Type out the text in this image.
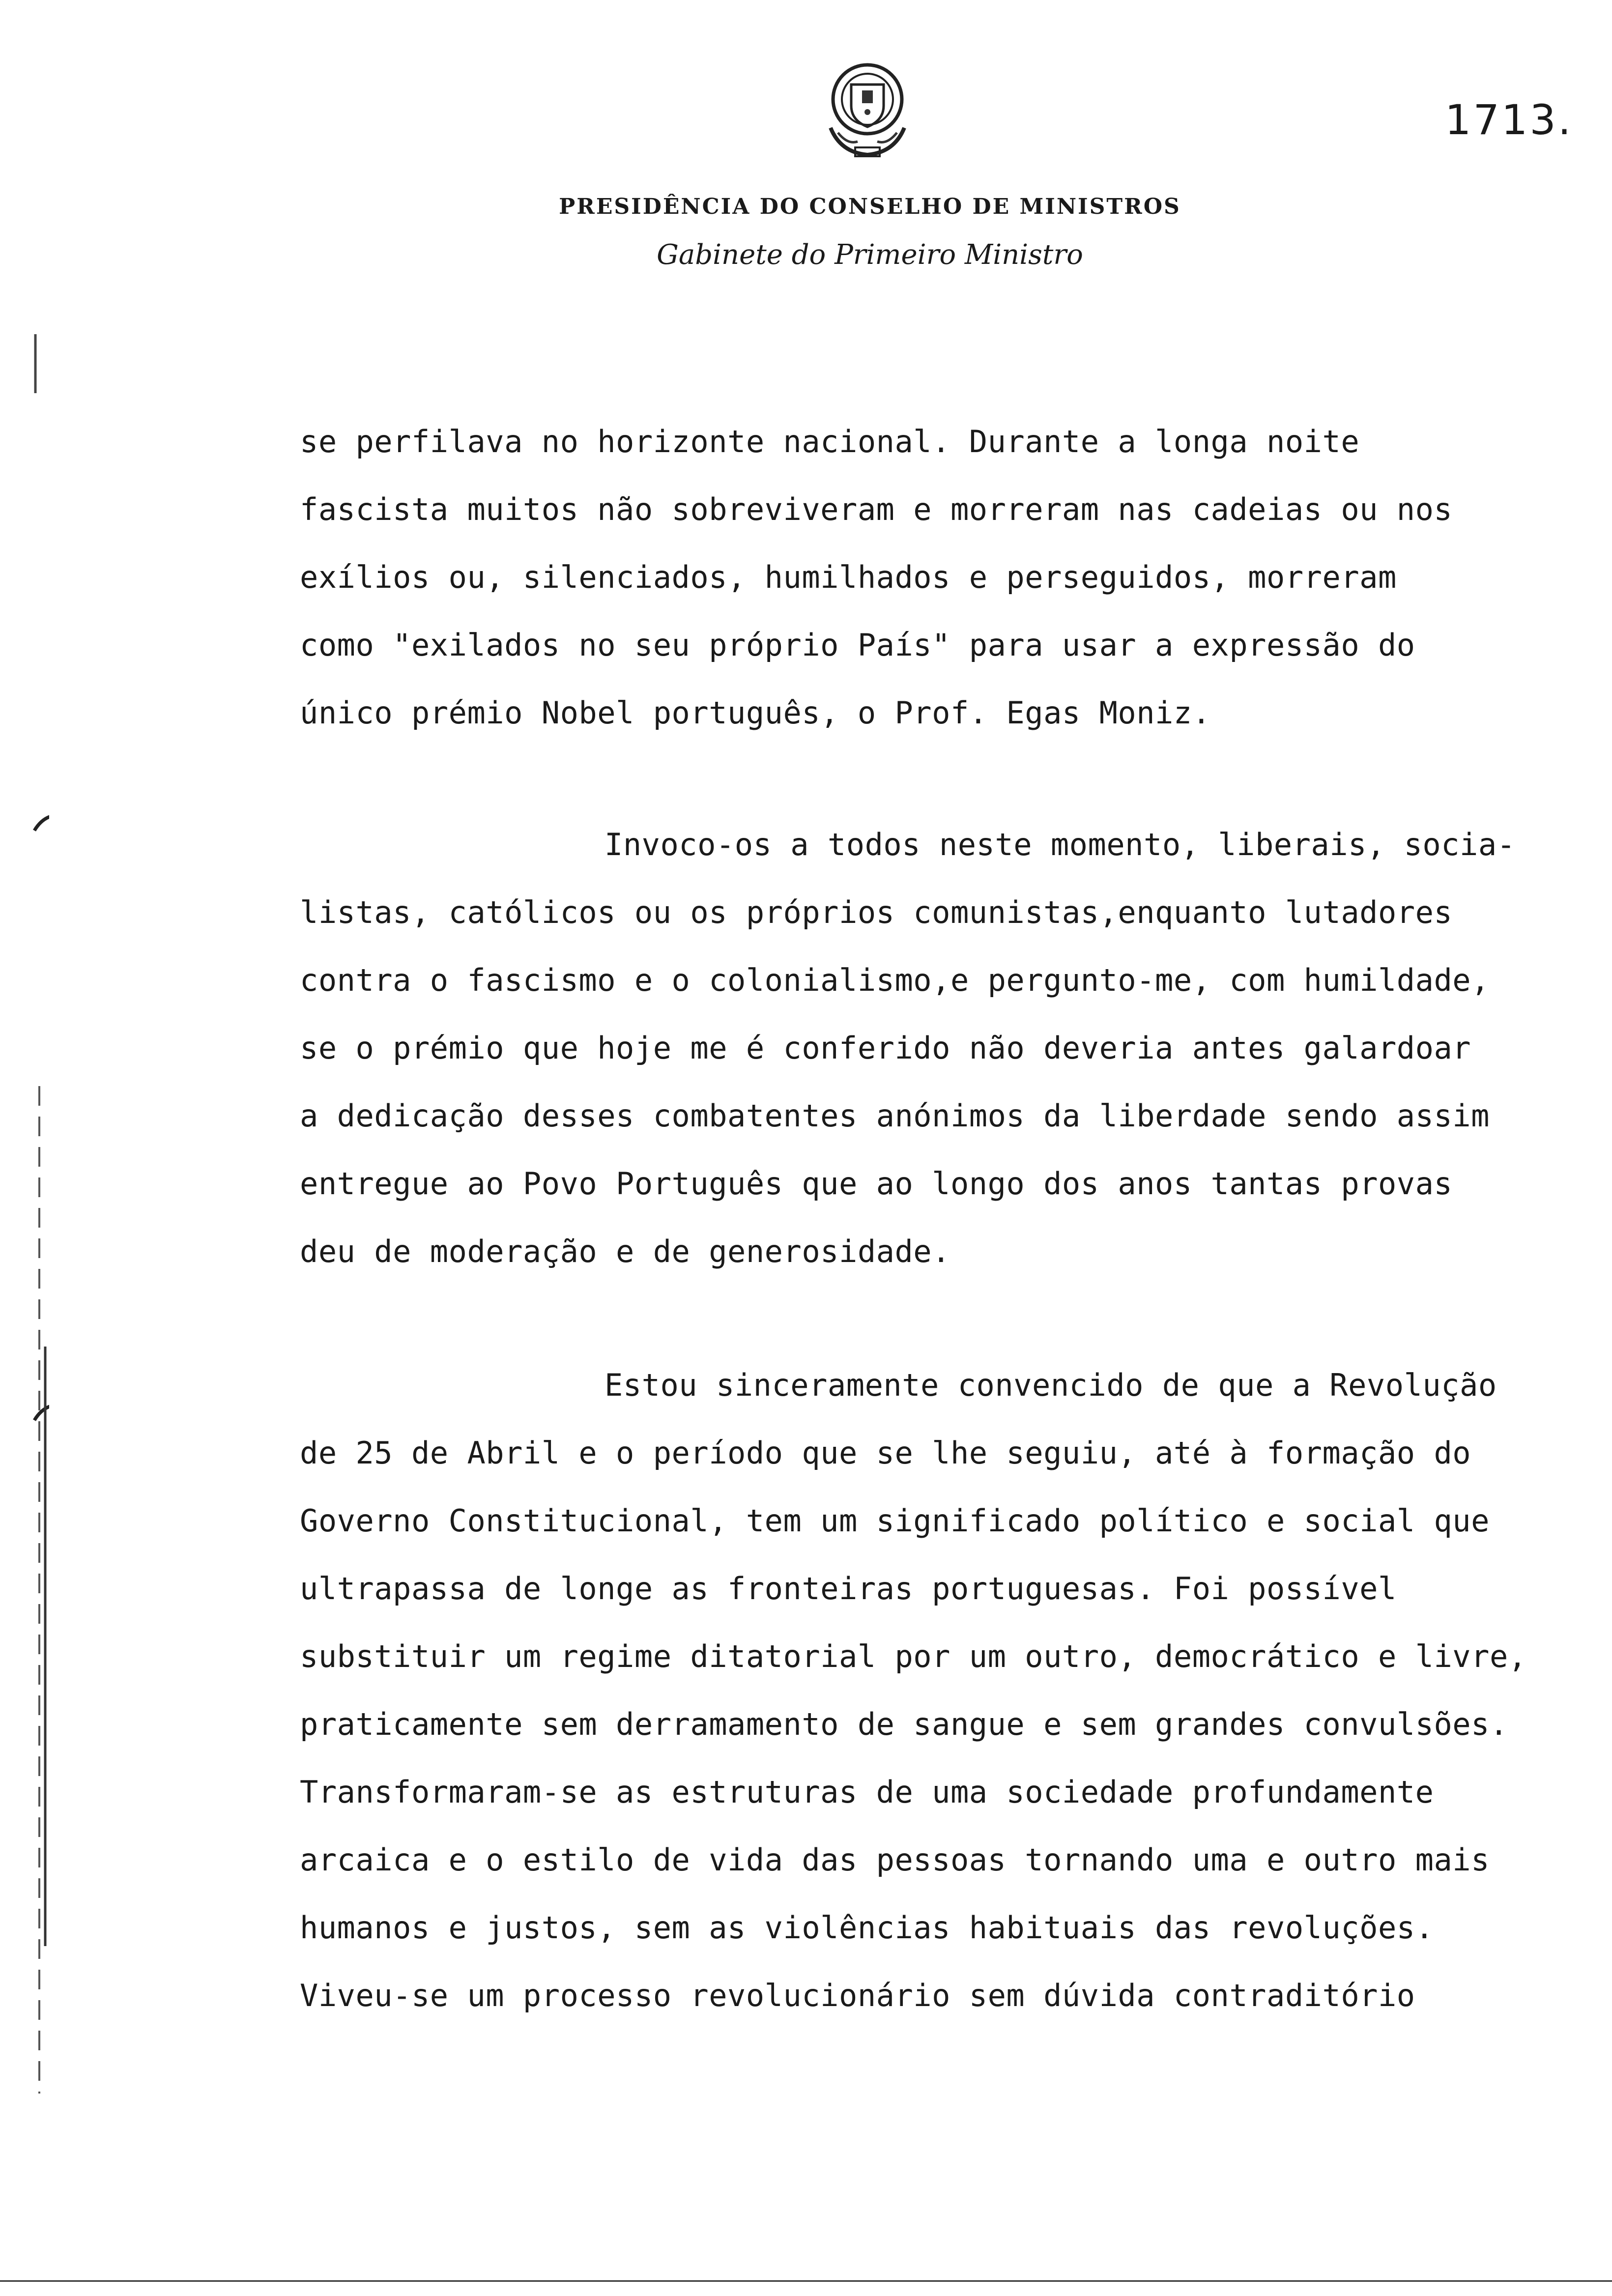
1713.
PRESIDÊNCIA DO CONSELHO DE MINISTROS
Gabinete do Primeiro Ministro
se perfilava no horizonte nacional. Durante a longa noite
fascista muitos não sobreviveram e morreram nas cadeias ou nos
exílios ou, silenciados, humilhados e perseguidos, morreram
como "exilados no seu próprio País" para usar a expressão do
único prémio Nobel português, o Prof. Egas Moniz.
Invoco-os a todos neste momento, liberais, socia-
listas, católicos ou os próprios comunistas,enquanto lutadores
contra o fascismo e o colonialismo,e pergunto-me, com humildade,
se o prémio que hoje me é conferido não deveria antes galardoar
a dedicação desses combatentes anónimos da liberdade sendo assim
entregue ao Povo Português que ao longo dos anos tantas provas
deu de moderação e de generosidade.
Estou sinceramente convencido de que a Revolução
de 25 de Abril e o período que se lhe seguiu, até à formação do
Governo Constitucional, tem um significado político e social que
ultrapassa de longe as fronteiras portuguesas. Foi possível
substituir um regime ditatorial por um outro, democrático e livre,
praticamente sem derramamento de sangue e sem grandes convulsões.
Transformaram-se as estruturas de uma sociedade profundamente
arcaica e o estilo de vida das pessoas tornando uma e outro mais
humanos e justos, sem as violências habituais das revoluções.
Viveu-se um processo revolucionário sem dúvida contraditório
